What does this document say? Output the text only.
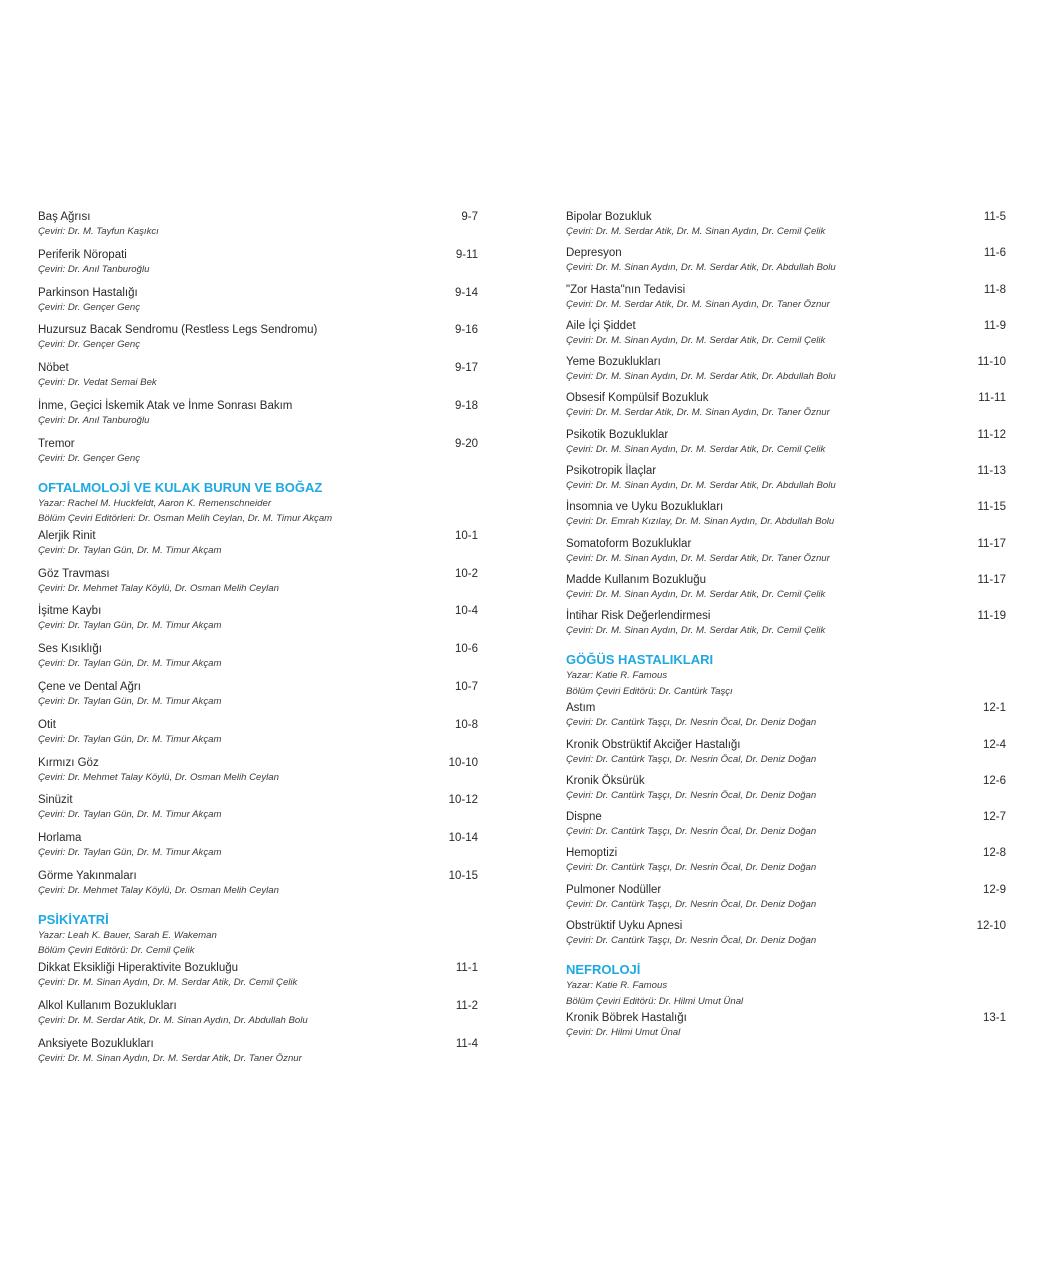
Baş Ağrısı	9-7
Çeviri: Dr. M. Tayfun Kaşıkcı
Periferik Nöropati	9-11
Çeviri: Dr. Anıl Tanburoğlu
Parkinson Hastalığı	9-14
Çeviri: Dr. Gençer Genç
Huzursuz Bacak Sendromu (Restless Legs Sendromu)	9-16
Çeviri: Dr. Gençer Genç
Nöbet	9-17
Çeviri: Dr. Vedat Semai Bek
İnme, Geçici İskemik Atak ve İnme Sonrası Bakım	9-18
Çeviri: Dr. Anıl Tanburoğlu
Tremor	9-20
Çeviri: Dr. Gençer Genç
OFTALMOLOJİ VE KULAK BURUN VE BOĞAZ
Yazar: Rachel M. Huckfeldt, Aaron K. Remenschneider
Bölüm Çeviri Editörleri: Dr. Osman Melih Ceylan, Dr. M. Timur Akçam
Alerjik Rinit	10-1
Çeviri: Dr. Taylan Gün, Dr. M. Timur Akçam
Göz Travması	10-2
Çeviri: Dr. Mehmet Talay Köylü, Dr. Osman Melih Ceylan
İşitme Kaybı	10-4
Çeviri: Dr. Taylan Gün, Dr. M. Timur Akçam
Ses Kısıklığı	10-6
Çeviri: Dr. Taylan Gün, Dr. M. Timur Akçam
Çene ve Dental Ağrı	10-7
Çeviri: Dr. Taylan Gün, Dr. M. Timur Akçam
Otit	10-8
Çeviri: Dr. Taylan Gün, Dr. M. Timur Akçam
Kırmızı Göz	10-10
Çeviri: Dr. Mehmet Talay Köylü, Dr. Osman Melih Ceylan
Sinüzit	10-12
Çeviri: Dr. Taylan Gün, Dr. M. Timur Akçam
Horlama	10-14
Çeviri: Dr. Taylan Gün, Dr. M. Timur Akçam
Görme Yakınmaları	10-15
Çeviri: Dr. Mehmet Talay Köylü, Dr. Osman Melih Ceylan
PSİKİYATRİ
Yazar: Leah K. Bauer, Sarah E. Wakeman
Bölüm Çeviri Editörü: Dr. Cemil Çelik
Dikkat Eksikliği Hiperaktivite Bozukluğu	11-1
Çeviri: Dr. M. Sinan Aydın, Dr. M. Serdar Atik, Dr. Cemil Çelik
Alkol Kullanım Bozuklukları	11-2
Çeviri: Dr. M. Serdar Atik, Dr. M. Sinan Aydın, Dr. Abdullah Bolu
Anksiyete Bozuklukları	11-4
Çeviri: Dr. M. Sinan Aydın, Dr. M. Serdar Atik, Dr. Taner Öznur
Bipolar Bozukluk	11-5
Çeviri: Dr. M. Serdar Atik, Dr. M. Sinan Aydın, Dr. Cemil Çelik
Depresyon	11-6
Çeviri: Dr. M. Sinan Aydın, Dr. M. Serdar Atik, Dr. Abdullah Bolu
"Zor Hasta"nın Tedavisi	11-8
Çeviri: Dr. M. Serdar Atik, Dr. M. Sinan Aydın, Dr. Taner Öznur
Aile İçi Şiddet	11-9
Çeviri: Dr. M. Sinan Aydın, Dr. M. Serdar Atik, Dr. Cemil Çelik
Yeme Bozuklukları	11-10
Çeviri: Dr. M. Sinan Aydın, Dr. M. Serdar Atik, Dr. Abdullah Bolu
Obsesif Kompülsif Bozukluk	11-11
Çeviri: Dr. M. Serdar Atik, Dr. M. Sinan Aydın, Dr. Taner Öznur
Psikotik Bozukluklar	11-12
Çeviri: Dr. M. Sinan Aydın, Dr. M. Serdar Atik, Dr. Cemil Çelik
Psikotropik İlaçlar	11-13
Çeviri: Dr. M. Sinan Aydın, Dr. M. Serdar Atik, Dr. Abdullah Bolu
İnsomnia ve Uyku Bozuklukları	11-15
Çeviri: Dr. Emrah Kızılay, Dr. M. Sinan Aydın, Dr. Abdullah Bolu
Somatoform Bozukluklar	11-17
Çeviri: Dr. M. Sinan Aydın, Dr. M. Serdar Atik, Dr. Taner Öznur
Madde Kullanım Bozukluğu	11-17
Çeviri: Dr. M. Sinan Aydın, Dr. M. Serdar Atik, Dr. Cemil Çelik
İntihar Risk Değerlendirmesi	11-19
Çeviri: Dr. M. Sinan Aydın, Dr. M. Serdar Atik, Dr. Cemil Çelik
GÖĞÜS HASTALIKLARI
Yazar: Katie R. Famous
Bölüm Çeviri Editörü: Dr. Cantürk Taşçı
Astım	12-1
Çeviri: Dr. Cantürk Taşçı, Dr. Nesrin Öcal, Dr. Deniz Doğan
Kronik Obstrüktif Akciğer Hastalığı	12-4
Çeviri: Dr. Cantürk Taşçı, Dr. Nesrin Öcal, Dr. Deniz Doğan
Kronik Öksürük	12-6
Çeviri: Dr. Cantürk Taşçı, Dr. Nesrin Öcal, Dr. Deniz Doğan
Dispne	12-7
Çeviri: Dr. Cantürk Taşçı, Dr. Nesrin Öcal, Dr. Deniz Doğan
Hemoptizi	12-8
Çeviri: Dr. Cantürk Taşçı, Dr. Nesrin Öcal, Dr. Deniz Doğan
Pulmoner Nodüller	12-9
Çeviri: Dr. Cantürk Taşçı, Dr. Nesrin Öcal, Dr. Deniz Doğan
Obstrüktif Uyku Apnesi	12-10
Çeviri: Dr. Cantürk Taşçı, Dr. Nesrin Öcal, Dr. Deniz Doğan
NEFROLOJİ
Yazar: Katie R. Famous
Bölüm Çeviri Editörü: Dr. Hilmi Umut Ünal
Kronik Böbrek Hastalığı	13-1
Çeviri: Dr. Hilmi Umut Ünal
